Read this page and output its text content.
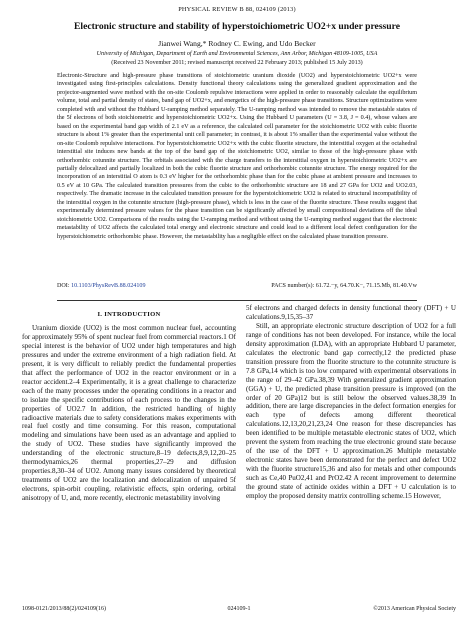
PHYSICAL REVIEW B 88, 024109 (2013)
Electronic structure and stability of hyperstoichiometric UO2+x under pressure
Jianwei Wang,* Rodney C. Ewing, and Udo Becker
University of Michigan, Department of Earth and Environmental Sciences, Ann Arbor, Michigan 48109-1005, USA
(Received 23 November 2011; revised manuscript received 22 February 2013; published 15 July 2013)
Electronic-Structure and high-pressure phase transitions of stoichiometric uranium dioxide (UO2) and hyperstoichiometric UO2+x were investigated using first-principles calculations. Density functional theory calculations using the generalized gradient approximation and the projector-augmented wave method with the on-site Coulomb repulsive interactions were applied in order to reasonably calculate the equilibrium volume, total and partial density of states, band gap of UO2+x, and energetics of the high-pressure phase transitions. Structure optimizations were completed with and without the Hubbard U-ramping method separately. The U-ramping method was intended to remove the metastable states of the 5f electrons of both stoichiometric and hyperstoichiometric UO2+x. Using the Hubbard U parameters (U = 3.8, J = 0.4), whose values are based on the experimental band gap width of 2.1 eV as a reference, the calculated cell parameter for the stoichiometric UO2 with cubic fluorite structure is about 1% greater than the experimental unit cell parameter; in contrast, it is about 1% smaller than the experimental value without the on-site Coulomb repulsive interactions. For hyperstoichiometric UO2+x with the cubic fluorite structure, the interstitial oxygen at the octahedral interstitial site induces new bands at the top of the band gap of the stoichiometric UO2, similar to those of the high-pressure phase with orthorhombic cotunnite structure. The orbitals associated with the charge transfers to the interstitial oxygen in hyperstoichiometric UO2+x are partially delocalized and partially localized in both the cubic fluorite structure and orthorhombic cotunnite structure. The energy required for the incorporation of an interstitial O atom is 0.3 eV higher for the orthorhombic phase than for the cubic phase at ambient pressure and increases to 0.5 eV at 10 GPa. The calculated transition pressures from the cubic to the orthorhombic structure are 18 and 27 GPa for UO2 and UO2.03, respectively. The dramatic increase in the calculated transition pressure for the hyperstoichiometric UO2 is related to structural incompatibility of the interstitial oxygen in the cotunnite structure (high-pressure phase), which is less in the case of the fluorite structure. These results suggest that experimentally determined pressure values for the phase transition can be significantly affected by small compositional deviations off the ideal stoichiometric UO2. Comparisons of the results using the U-ramping method and without using the U-ramping method suggest that the electronic metastability of UO2 affects the calculated total energy and electronic structure and could lead to a different local defect configuration for the hyperstoichiometric orthorhombic phase. However, the metastability has a negligible effect on the calculated phase transition pressure.
DOI: 10.1103/PhysRevB.88.024109	PACS number(s): 61.72.−y, 64.70.K−, 71.15.Mb, 81.40.Vw
I. INTRODUCTION

Uranium dioxide (UO2) is the most common nuclear fuel, accounting for approximately 95% of spent nuclear fuel from commercial reactors.1 Of special interest is the behavior of UO2 under high temperatures and high pressures and under the extreme environment of a high radiation field. At present, it is very difficult to reliably predict the fundamental properties that affect the performance of UO2 in the reactor environment or in a reactor accident.2–4 Experimentally, it is a great challenge to characterize each of the many processes under the operating conditions in a reactor and to isolate the specific contributions of each process to the changes in the properties of UO2.7 In addition, the restricted handling of highly radioactive materials due to safety considerations makes experiments with real fuel costly and time consuming. For this reason, computational modeling and simulations have been used as an advantage and applied to the study of UO2. These studies have significantly improved the understanding of the electronic structure,8–19 defects,8,9,12,20–25 thermodynamics,26 thermal properties,27–29 and diffusion properties.8,30–34 of UO2. Among many issues considered by theoretical treatments of UO2 are the localization and delocalization of unpaired 5f electrons, spin-orbit coupling, relativistic effects, spin ordering, orbital anisotropy of U, and, more recently, electronic metastability involving

5f electrons and charged defects in density functional theory (DFT) + U calculations.9,15,35–37

Still, an appropriate electronic structure description of UO2 for a full range of conditions has not been developed. For instance, while the local density approximation (LDA), with an appropriate Hubbard U parameter, calculates the electronic band gap correctly,12 the predicted phase transition pressure from the fluorite structure to the cotunnite structure is 7.8 GPa,14 which is too low compared with experimental observations in the range of 29–42 GPa.38,39 With generalized gradient approximation (GGA) + U, the predicted phase transition pressure is improved (on the order of 20 GPa)12 but is still below the observed values.38,39 In addition, there are large discrepancies in the defect formation energies for each type of defects among different theoretical calculations.12,13,20,21,23,24 One reason for these discrepancies has been identified to be multiple metastable electronic states of UO2, which prevent the system from reaching the true electronic ground state because of the use of the DFT + U approximation.26 Multiple metastable electronic states have been demonstrated for the perfect and defect UO2 with the fluorite structure15,36 and also for metals and other compounds such as Ce,40 PuO2,41 and PrO2.42 A recent improvement to determine the ground state of actinide oxides within a DFT + U calculation is to employ the proposed density matrix controlling scheme.15 However,

1098-0121/2013/88(2)/024109(16)	024109-1	©2013 American Physical Society
